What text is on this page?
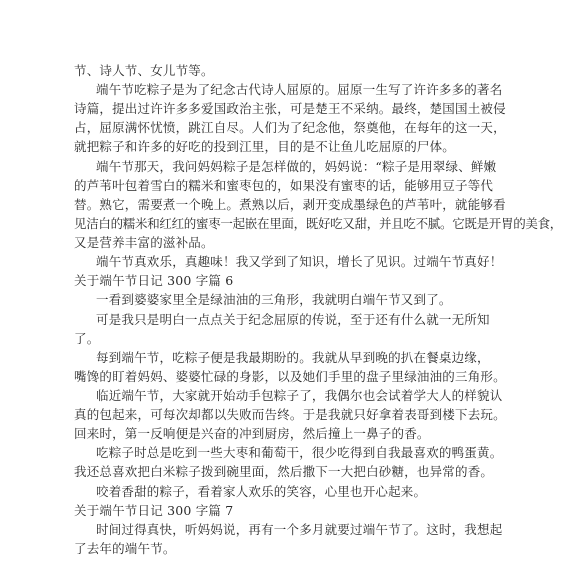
节、诗人节、女儿节等。
端午节吃粽子是为了纪念古代诗人屈原的。屈原一生写了许许多多的著名
诗篇，提出过许许多多爱国政治主张，可是楚王不采纳。最终，楚国国土被侵
占，屈原满怀忧愤，跳江自尽。人们为了纪念他，祭奠他，在每年的这一天，
就把粽子和许多的好吃的投到江里，目的是不让鱼儿吃屈原的尸体。
端午节那天，我问妈妈粽子是怎样做的，妈妈说：“粽子是用翠绿、鲜嫩
的芦苇叶包着雪白的糯米和蜜枣包的，如果没有蜜枣的话，能够用豆子等代
替。熟它，需要煮一个晚上。煮熟以后，剥开变成墨绿色的芦苇叶，就能够看
见洁白的糯米和红红的蜜枣一起嵌在里面，既好吃又甜，并且吃不腻。它既是开胃的美食，
又是营养丰富的滋补品。
端午节真欢乐，真趣味！我又学到了知识，增长了见识。过端午节真好！
关于端午节日记 300 字篇 6
一看到婆婆家里全是绿油油的三角形，我就明白端午节又到了。
可是我只是明白一点点关于纪念屈原的传说，至于还有什么就一无所知
了。
每到端午节，吃粽子便是我最期盼的。我就从早到晚的扒在餐桌边缘，
嘴馋的盯着妈妈、婆婆忙碌的身影，以及她们手里的盘子里绿油油的三角形。
临近端午节，大家就开始动手包粽子了，我偶尔也会试着学大人的样貌认
真的包起来，可每次却都以失败而告终。于是我就只好拿着表哥到楼下去玩。
回来时，第一反响便是兴奋的冲到厨房，然后撞上一鼻子的香。
吃粽子时总是吃到一些大枣和葡萄干，很少吃得到自我最喜欢的鸭蛋黄。
我还总喜欢把白米粽子拨到碗里面，然后撒下一大把白砂糖，也异常的香。
咬着香甜的粽子，看着家人欢乐的笑容，心里也开心起来。
关于端午节日记 300 字篇 7
时间过得真快，听妈妈说，再有一个多月就要过端午节了。这时，我想起
了去年的端午节。
